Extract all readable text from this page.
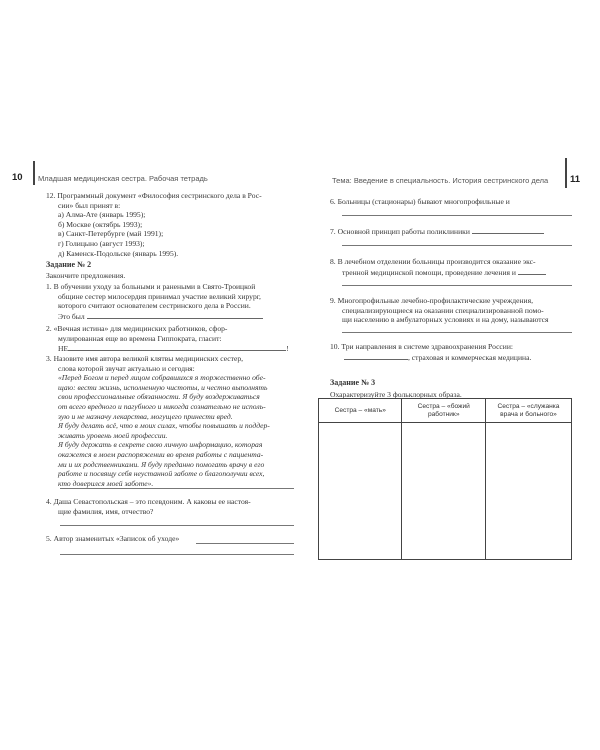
10 Младшая медицинская сестра. Рабочая тетрадь	Тема: Введение в специальность. История сестринского дела 11

12. Программный документ «Философия сестринского дела в Рос-

сии» был принят в:

а) Алма-Ате (январь 1995);

б) Москве (октябрь 1993);

в) Санкт-Петербурге (май 1991);

г) Голицыно (август 1993);

д) Каменск-Подольске (январь 1995).

Задание № 2
Закончите предложения.

1. В обучении уходу за больными и ранеными в Свято-Троицкой

общине сестер милосердия принимал участие великий хирург,

которого считают основателем сестринского дела в России.

Это был

2. «Вечная истина» для медицинских работников, сфор-

мулированная еще во времена Гиппократа, гласит:

НЕ	!

3. Назовите имя автора великой клятвы медицинских сестер,

слова которой звучат актуально и сегодня:

«Перед Богом и перед лицом собравшихся я торжественно обе-

щаю: вести жизнь, исполненную чистоты, и честно выполнять

свои профессиональные обязанности. Я буду воздерживаться

от всего вредного и пагубного и никогда сознательно не исполь-

зую и не назначу лекарства, могущего принести вред.

Я буду делать всё, что в моих силах, чтобы повышать и поддер-

живать уровень моей профессии.

Я буду держать в секрете свою личную информацию, которая

окажется в моем распоряжении во время работы с пациента-

ми и их родственниками. Я буду преданно помогать врачу в его

работе и посвящу себя неустанной заботе о благополучии всех,

кто доверился моей заботе».

4. Даша Севастопольская – это псевдоним. А каковы ее настоя-

щие фамилия, имя, отчество?

5. Автор знаменитых «Записок об уходе»

6. Больницы (стационары) бывают многопрофильные и

7. Основной принцип работы поликлиники

8. В лечебном отделении больницы производится оказание экс-

тренной медицинской помощи, проведение лечения и

9. Многопрофильные лечебно-профилактические учреждения,

специализирующиеся на оказании специализированной помо-

щи населению в амбулаторных условиях и на дому, называются

10. Три направления в системе здравоохранения России:

, страховая и коммерческая медицина.

Задание № 3
Охарактеризуйте 3 фольклорных образа.
Сестра – «мать»	Сестра – «божий работник»	Сестра – «служанка врача и больного»
